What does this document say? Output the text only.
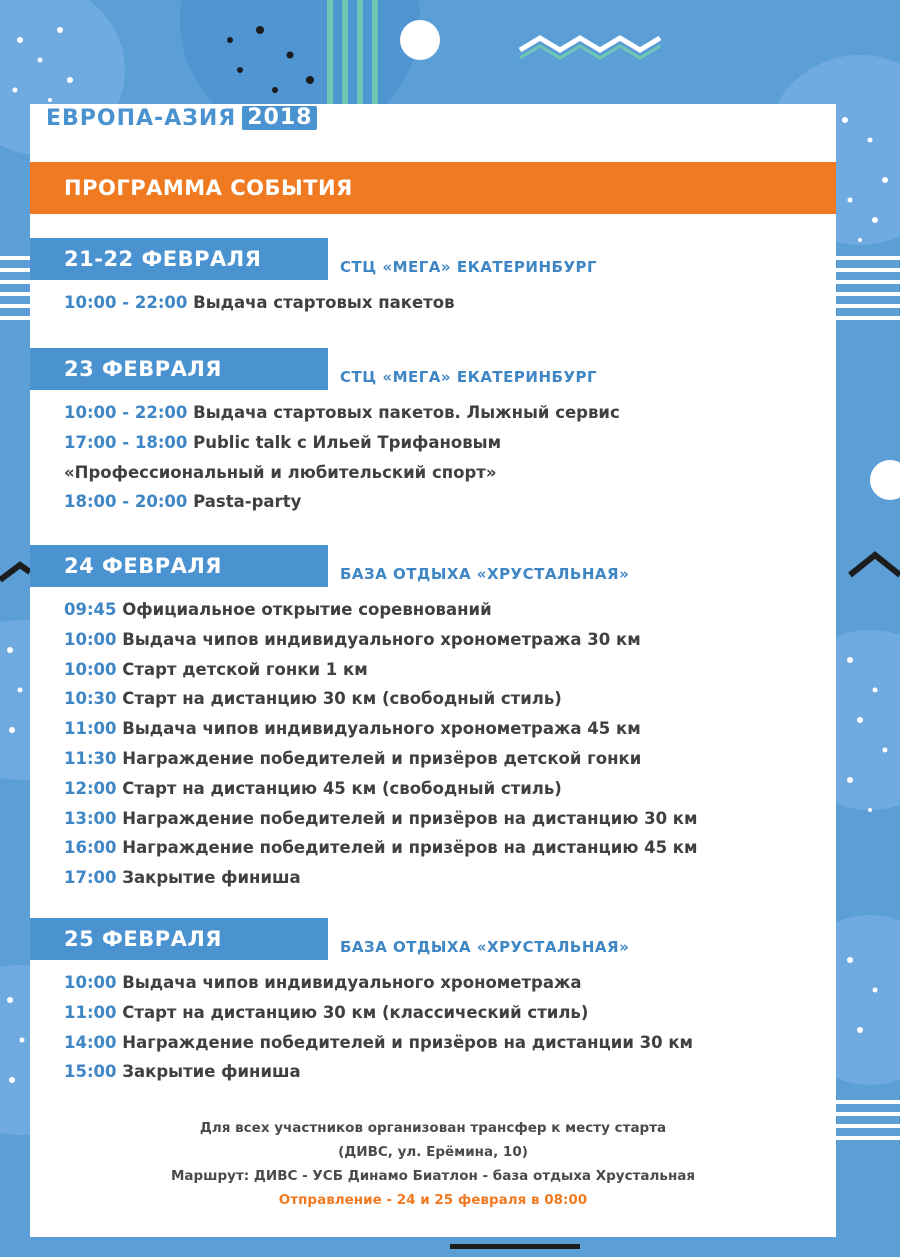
ЕВРОПА-АЗИЯ 2018
ПРОГРАММА СОБЫТИЯ
21-22 ФЕВРАЛЯ	СТЦ «МЕГА» ЕКАТЕРИНБУРГ
10:00 - 22:00 Выдача стартовых пакетов
23 ФЕВРАЛЯ	СТЦ «МЕГА» ЕКАТЕРИНБУРГ
10:00 - 22:00 Выдача стартовых пакетов. Лыжный сервис
17:00 - 18:00 Public talk с Ильей Трифановым
«Профессиональный и любительский спорт»
18:00 - 20:00 Pasta-party
24 ФЕВРАЛЯ	БАЗА ОТДЫХА «ХРУСТАЛЬНАЯ»
09:45 Официальное открытие соревнований
10:00 Выдача чипов индивидуального хронометража 30 км
10:00 Старт детской гонки 1 км
10:30 Старт на дистанцию 30 км (свободный стиль)
11:00 Выдача чипов индивидуального хронометража 45 км
11:30 Награждение победителей и призёров детской гонки
12:00 Старт на дистанцию 45 км (свободный стиль)
13:00 Награждение победителей и призёров на дистанцию 30 км
16:00 Награждение победителей и призёров на дистанцию 45 км
17:00 Закрытие финиша
25 ФЕВРАЛЯ	БАЗА ОТДЫХА «ХРУСТАЛЬНАЯ»
10:00 Выдача чипов индивидуального хронометража
11:00 Старт на дистанцию 30 км (классический стиль)
14:00 Награждение победителей и призёров на дистанции 30 км
15:00 Закрытие финиша
Для всех участников организован трансфер к месту старта
(ДИВС, ул. Ерёмина, 10)
Маршрут: ДИВС - УСБ Динамо Биатлон - база отдыха Хрустальная
Отправление - 24 и 25 февраля в 08:00
